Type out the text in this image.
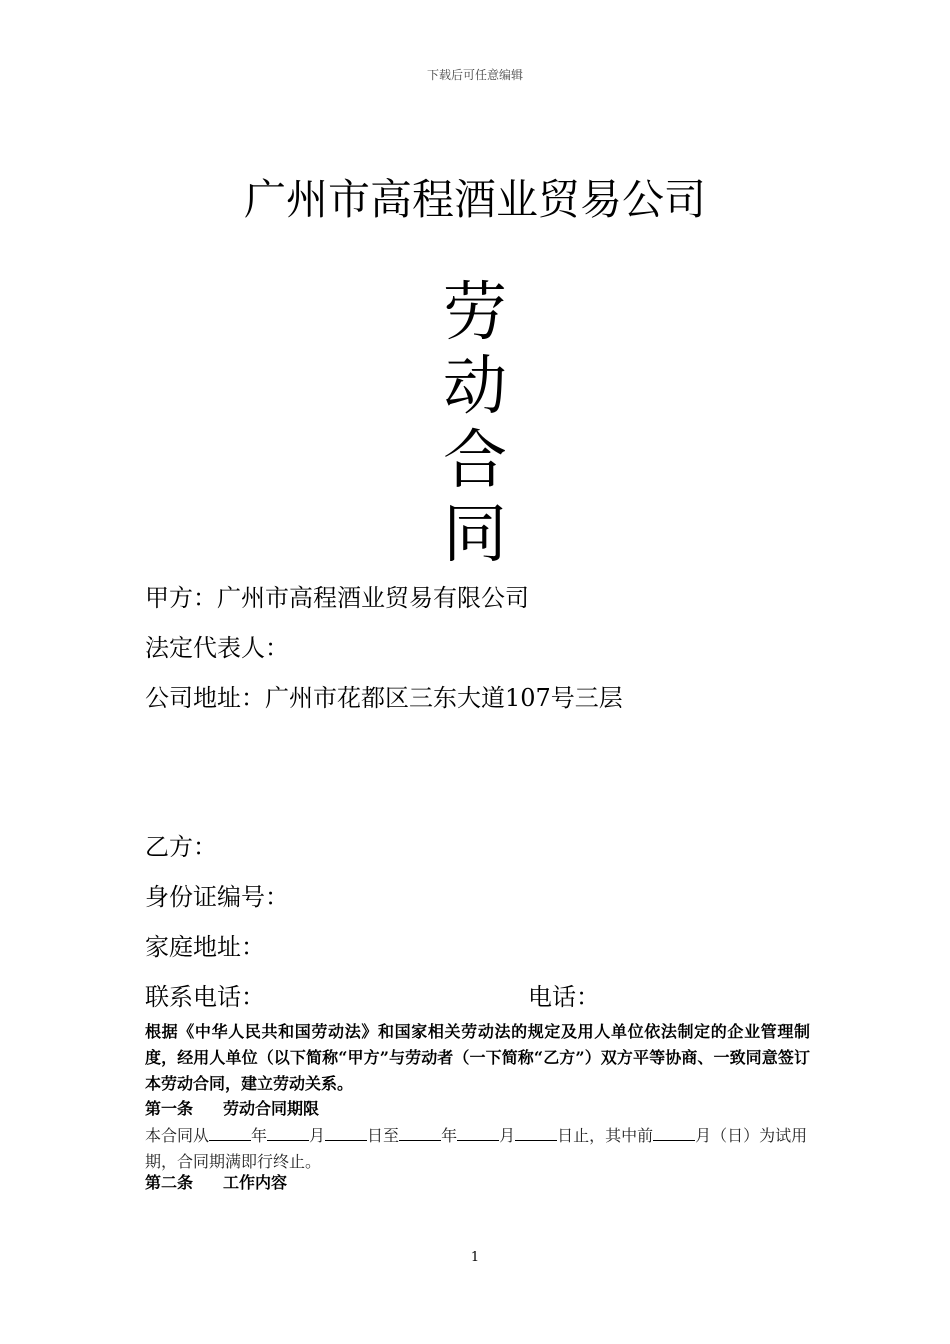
下载后可任意编辑
广州市高程酒业贸易公司
劳
动
合
同
甲方：广州市高程酒业贸易有限公司
法定代表人：
公司地址：广州市花都区三东大道107号三层
乙方：
身份证编号：
家庭地址：
联系电话：	电话：

根据《中华人民共和国劳动法》和国家相关劳动法的规定及用人单位依法制定的企业管理制度，经用人单位（以下简称“甲方”与劳动者（一下简称“乙方”）双方平等协商、一致同意签订本劳动合同，建立劳动关系。

第一条 劳动合同期限

本合同从	年	月	日至	年	月	日止，其中前	月（日）为试用期，合同期满即行终止。

第二条 工作内容
1
